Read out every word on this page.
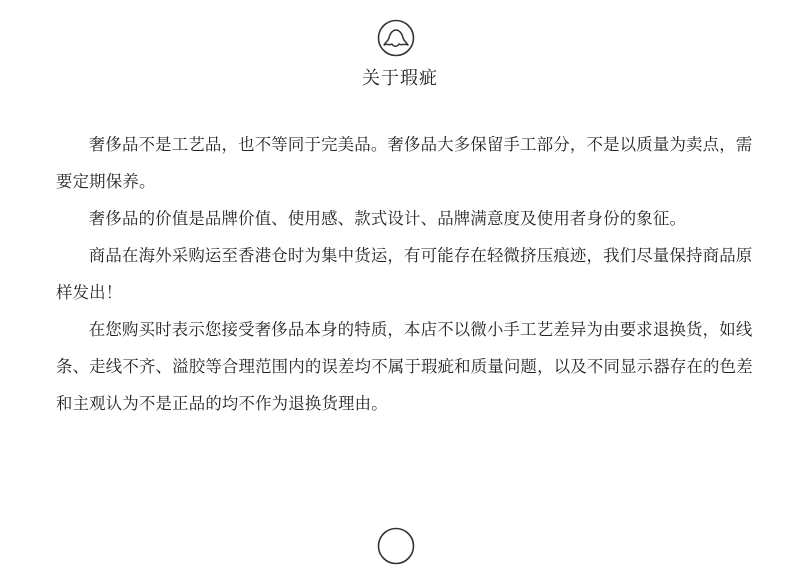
关于瑕疵

奢侈品不是工艺品，也不等同于完美品。奢侈品大多保留手工部分，不是以质量为卖点，需要定期保养。

奢侈品的价值是品牌价值、使用感、款式设计、品牌满意度及使用者身份的象征。

商品在海外采购运至香港仓时为集中货运，有可能存在轻微挤压痕迹，我们尽量保持商品原样发出！

在您购买时表示您接受奢侈品本身的特质，本店不以微小手工艺差异为由要求退换货，如线条、走线不齐、溢胶等合理范围内的误差均不属于瑕疵和质量问题，以及不同显示器存在的色差和主观认为不是正品的均不作为退换货理由。
